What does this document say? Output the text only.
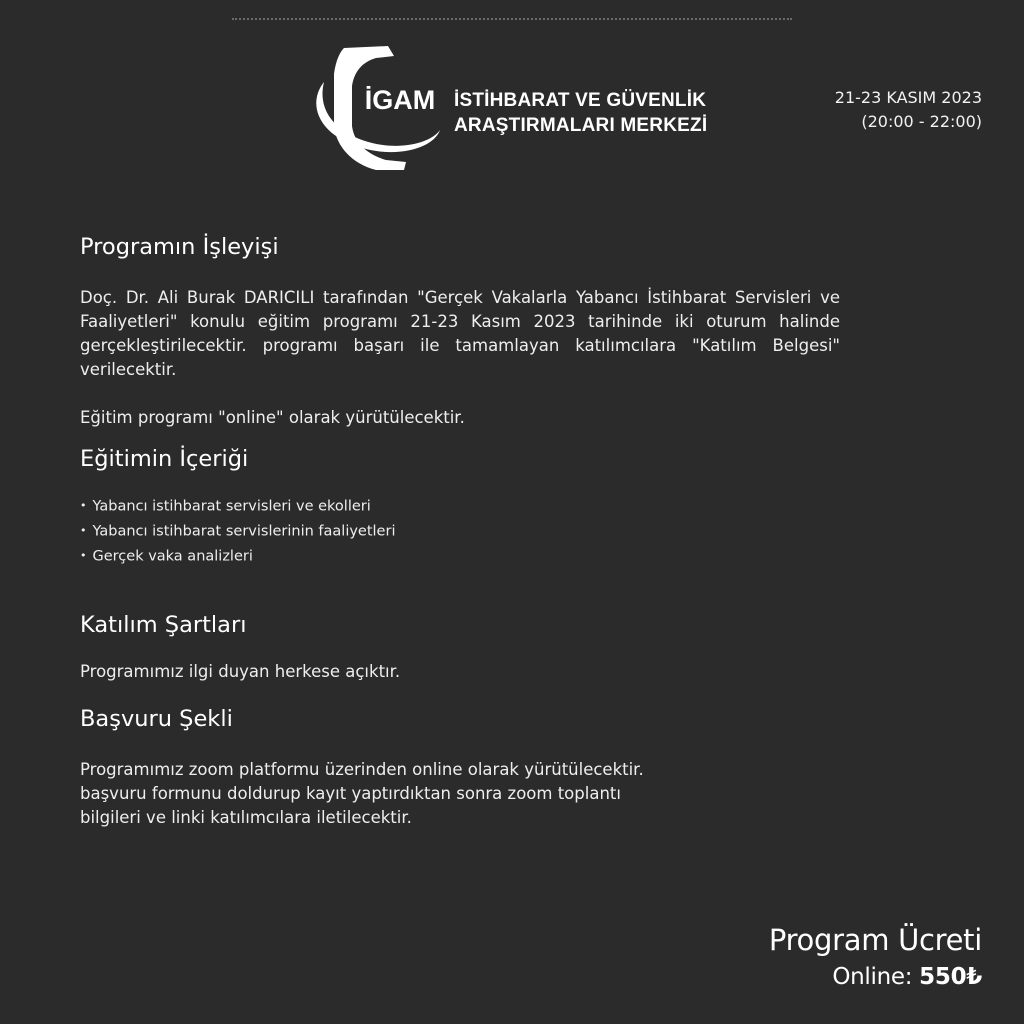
İGAM İSTİHBARAT VE GÜVENLİK
ARAŞTIRMALARI MERKEZİ
21-23 KASIM 2023
(20:00 - 22:00)
Programın İşleyişi

Doç. Dr. Ali Burak DARICILI tarafından "Gerçek Vakalarla Yabancı İstihbarat Servisleri ve Faaliyetleri" konulu eğitim programı 21-23 Kasım 2023 tarihinde iki oturum halinde gerçekleştirilecektir. programı başarı ile tamamlayan katılımcılara "Katılım Belgesi" verilecektir.

Eğitim programı "online" olarak yürütülecektir.

Eğitimin İçeriği
• Yabancı istihbarat servisleri ve ekolleri
• Yabancı istihbarat servislerinin faaliyetleri
• Gerçek vaka analizleri
Katılım Şartları

Programımız ilgi duyan herkese açıktır.

Başvuru Şekli

Programımız zoom platformu üzerinden online olarak yürütülecektir.

başvuru formunu doldurup kayıt yaptırdıktan sonra zoom toplantı

bilgileri ve linki katılımcılara iletilecektir.

Program Ücreti
Online: 550₺
